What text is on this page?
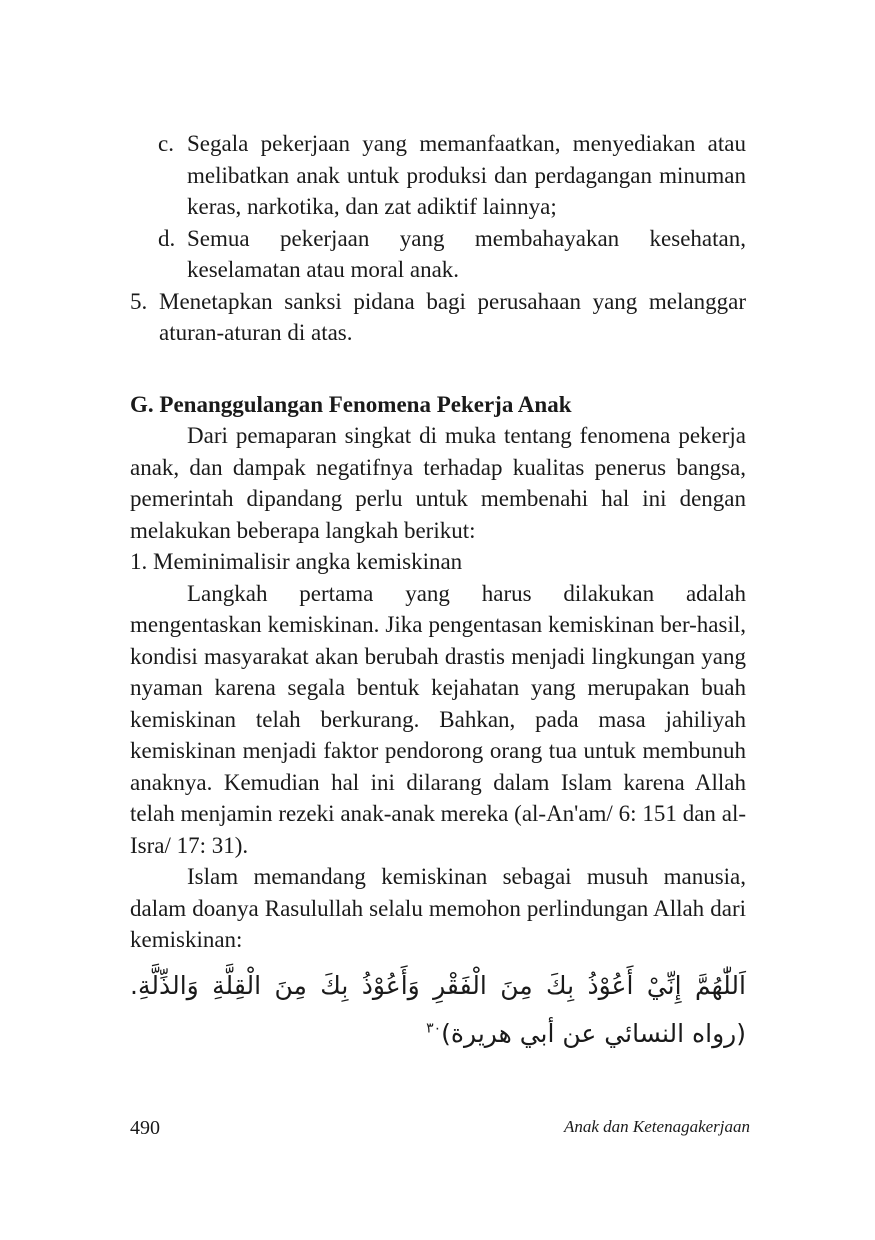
c. Segala pekerjaan yang memanfaatkan, menyediakan atau melibatkan anak untuk produksi dan perdagangan minuman keras, narkotika, dan zat adiktif lainnya;
d. Semua pekerjaan yang membahayakan kesehatan, keselamatan atau moral anak.
5. Menetapkan sanksi pidana bagi perusahaan yang melanggar aturan-aturan di atas.
G. Penanggulangan Fenomena Pekerja Anak

Dari pemaparan singkat di muka tentang fenomena pekerja anak, dan dampak negatifnya terhadap kualitas penerus bangsa, pemerintah dipandang perlu untuk membenahi hal ini dengan melakukan beberapa langkah berikut:

1. Meminimalisir angka kemiskinan

Langkah pertama yang harus dilakukan adalah mengentaskan kemiskinan. Jika pengentasan kemiskinan ber-hasil, kondisi masyarakat akan berubah drastis menjadi lingkungan yang nyaman karena segala bentuk kejahatan yang merupakan buah kemiskinan telah berkurang. Bahkan, pada masa jahiliyah kemiskinan menjadi faktor pendorong orang tua untuk membunuh anaknya. Kemudian hal ini dilarang dalam Islam karena Allah telah menjamin rezeki anak-anak mereka (al-An'am/ 6: 151 dan al-Isra/ 17: 31).

Islam memandang kemiskinan sebagai musuh manusia, dalam doanya Rasulullah selalu memohon perlindungan Allah dari kemiskinan:

اَللّٰهُمَّ إِنِّيْ أَعُوْذُ بِكَ مِنَ الْفَقْرِ وَأَعُوْذُ بِكَ مِنَ الْقِلَّةِ وَالذِّلَّةِ. (رواه النسائي عن أبي هريرة)$^{٣٠}$
490	Anak dan Ketenagakerjaan
